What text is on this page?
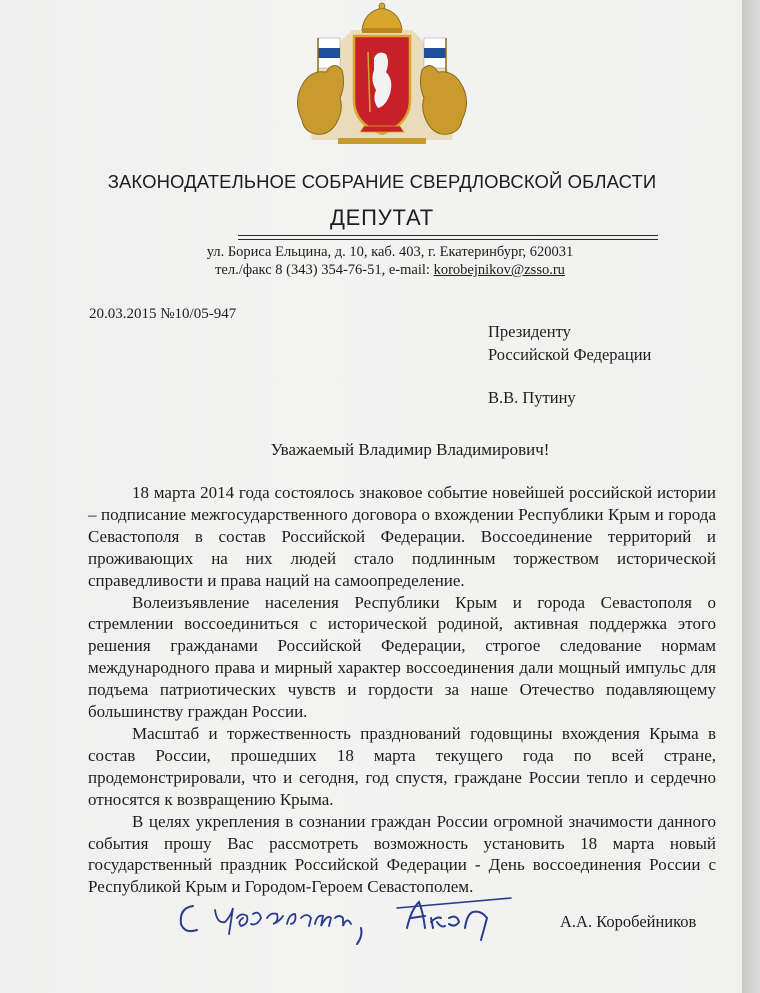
ЗАКОНОДАТЕЛЬНОЕ СОБРАНИЕ СВЕРДЛОВСКОЙ ОБЛАСТИ
ДЕПУТАТ
ул. Бориса Ельцина, д. 10, каб. 403, г. Екатеринбург, 620031
тел./факс 8 (343) 354-76-51, e-mail: korobejnikov@zsso.ru
20.03.2015 №10/05-947
Президенту
Российской Федерации
В.В. Путину
Уважаемый Владимир Владимирович!

18 марта 2014 года состоялось знаковое событие новейшей российской истории – подписание межгосударственного договора о вхождении Республики Крым и города Севастополя в состав Российской Федерации. Воссоединение территорий и проживающих на них людей стало подлинным торжеством исторической справедливости и права наций на самоопределение.

Волеизъявление населения Республики Крым и города Севастополя о стремлении воссоединиться с исторической родиной, активная поддержка этого решения гражданами Российской Федерации, строгое следование нормам международного права и мирный характер воссоединения дали мощный импульс для подъема патриотических чувств и гордости за наше Отечество подавляющему большинству граждан России.

Масштаб и торжественность празднований годовщины вхождения Крыма в состав России, прошедших 18 марта текущего года по всей стране, продемонстрировали, что и сегодня, год спустя, граждане России тепло и сердечно относятся к возвращению Крыма.

В целях укрепления в сознании граждан России огромной значимости данного события прошу Вас рассмотреть возможность установить 18 марта новый государственный праздник Российской Федерации - День воссоединения России с Республикой Крым и Городом-Героем Севастополем.

А.А. Коробейников
